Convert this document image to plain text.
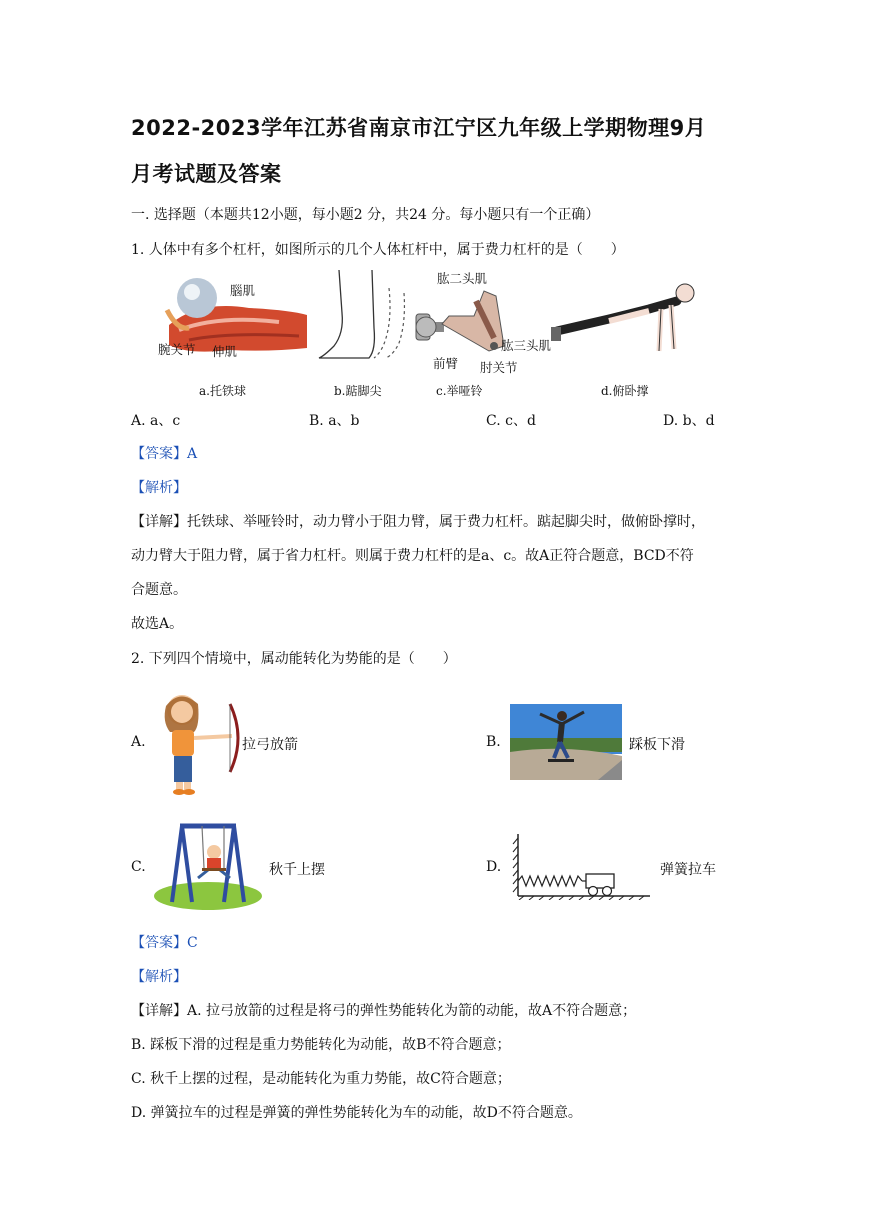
2022-2023学年江苏省南京市江宁区九年级上学期物理9月
月考试题及答案
一. 选择题（本题共12小题，每小题2 分，共24 分。每小题只有一个正确）
1. 人体中有多个杠杆，如图所示的几个人体杠杆中，属于费力杠杆的是（　　）
腦肌
腕关节 伸肌
肱二头肌
肱三头肌
前臂 肘关节
a.托铁球	b.踮脚尖	c.举哑铃	d.俯卧撑
A. a、c	B. a、b	C. c、d	D. b、d
【答案】A
【解析】
【详解】托铁球、举哑铃时，动力臂小于阻力臂，属于费力杠杆。踮起脚尖时，做俯卧撑时，
动力臂大于阻力臂，属于省力杠杆。则属于费力杠杆的是a、c。故A正符合题意，BCD不符
合题意。
故选A。
2. 下列四个情境中，属动能转化为势能的是（　　）
A.	拉弓放箭	B.	踩板下滑
C.	秋千上摆	D.	弹簧拉车
【答案】C
【解析】
【详解】A. 拉弓放箭的过程是将弓的弹性势能转化为箭的动能，故A不符合题意；
B. 踩板下滑的过程是重力势能转化为动能，故B不符合题意；
C. 秋千上摆的过程，是动能转化为重力势能，故C符合题意；
D. 弹簧拉车的过程是弹簧的弹性势能转化为车的动能，故D不符合题意。
